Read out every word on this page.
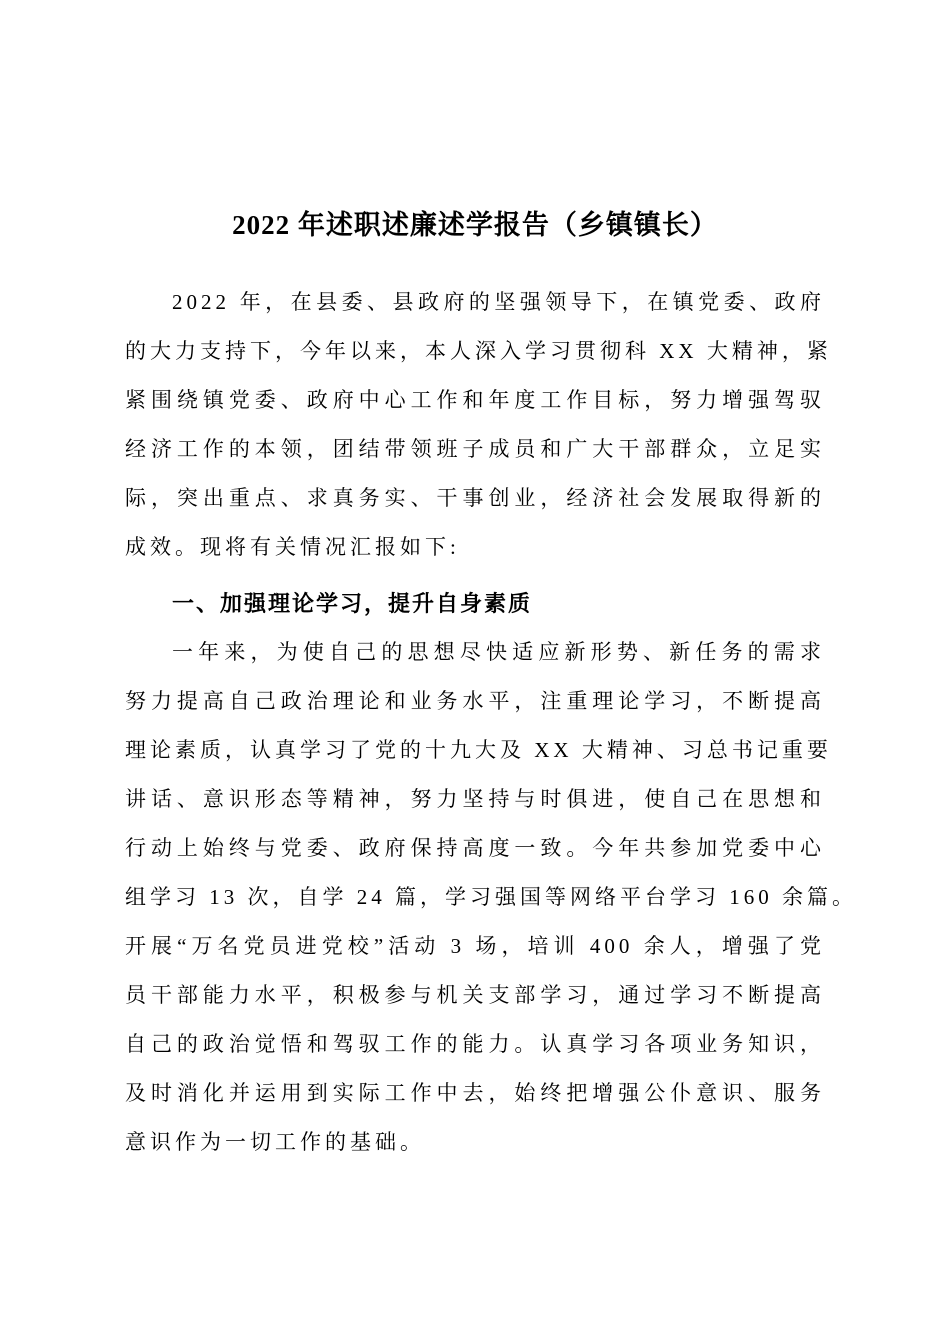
2022 年述职述廉述学报告（乡镇镇长）
2022 年，在县委、县政府的坚强领导下，在镇党委、政府
的大力支持下，今年以来，本人深入学习贯彻科 XX 大精神，紧
紧围绕镇党委、政府中心工作和年度工作目标，努力增强驾驭
经济工作的本领，团结带领班子成员和广大干部群众，立足实
际，突出重点、求真务实、干事创业，经济社会发展取得新的
成效。现将有关情况汇报如下:
一、加强理论学习，提升自身素质
一年来，为使自己的思想尽快适应新形势、新任务的需求
努力提高自己政治理论和业务水平，注重理论学习，不断提高
理论素质，认真学习了党的十九大及 XX 大精神、习总书记重要
讲话、意识形态等精神，努力坚持与时俱进，使自己在思想和
行动上始终与党委、政府保持高度一致。今年共参加党委中心
组学习 13 次，自学 24 篇，学习强国等网络平台学习 160 余篇。
开展“万名党员进党校”活动 3 场，培训 400 余人，增强了党
员干部能力水平，积极参与机关支部学习，通过学习不断提高
自己的政治觉悟和驾驭工作的能力。认真学习各项业务知识，
及时消化并运用到实际工作中去，始终把增强公仆意识、服务
意识作为一切工作的基础。
